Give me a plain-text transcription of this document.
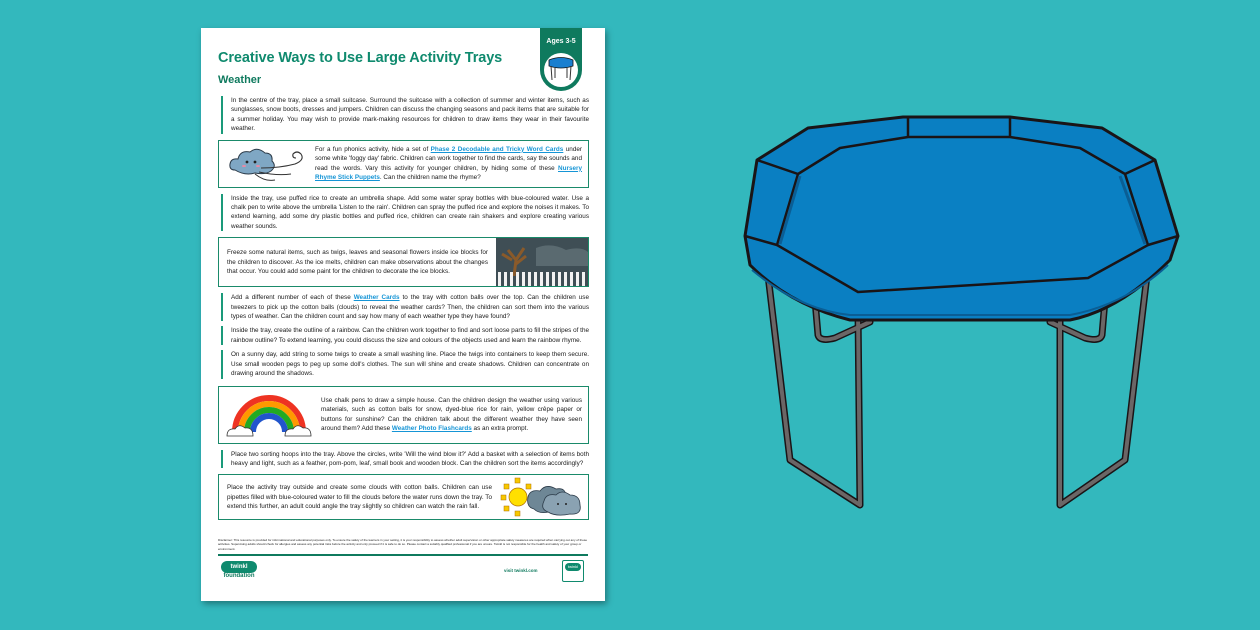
Creative Ways to Use Large Activity Trays
Weather
Ages 3-5
In the centre of the tray, place a small suitcase. Surround the suitcase with a collection of summer and winter items, such as sunglasses, snow boots, dresses and jumpers. Children can discuss the changing seasons and pack items that are suitable for a summer holiday. You may wish to provide mark-making resources for children to draw items they wear in their favourite weather.
For a fun phonics activity, hide a set of Phase 2 Decodable and Tricky Word Cards under some white 'foggy day' fabric. Children can work together to find the cards, say the sounds and read the words. Vary this activity for younger children, by hiding some of these Nursery Rhyme Stick Puppets. Can the children name the rhyme?
Inside the tray, use puffed rice to create an umbrella shape. Add some water spray bottles with blue-coloured water. Use a chalk pen to write above the umbrella 'Listen to the rain'. Children can spray the puffed rice and explore the noises it makes. To extend learning, add some dry plastic bottles and puffed rice, children can create rain shakers and explore creating various weather sounds.
Freeze some natural items, such as twigs, leaves and seasonal flowers inside ice blocks for the children to discover. As the ice melts, children can make observations about the changes that occur. You could add some paint for the children to decorate the ice blocks.
Add a different number of each of these Weather Cards to the tray with cotton balls over the top. Can the children use tweezers to pick up the cotton balls (clouds) to reveal the weather cards? Then, the children can sort them into the various types of weather. Can the children count and say how many of each weather type they have found?
Inside the tray, create the outline of a rainbow. Can the children work together to find and sort loose parts to fill the stripes of the rainbow outline? To extend learning, you could discuss the size and colours of the objects used and learn the rainbow rhyme.
On a sunny day, add string to some twigs to create a small washing line. Place the twigs into containers to keep them secure. Use small wooden pegs to peg up some doll's clothes. The sun will shine and create shadows. Children can concentrate on drawing around the shadows.
Use chalk pens to draw a simple house. Can the children design the weather using various materials, such as cotton balls for snow, dyed-blue rice for rain, yellow crêpe paper or buttons for sunshine? Can the children talk about the different weather they have seen around them? Add these Weather Photo Flashcards as an extra prompt.
Place two sorting hoops into the tray. Above the circles, write 'Will the wind blow it?' Add a basket with a selection of items both heavy and light, such as a feather, pom-pom, leaf, small book and wooden block. Can the children sort the items accordingly?
Place the activity tray outside and create some clouds with cotton balls. Children can use pipettes filled with blue-coloured water to fill the clouds before the water runs down the tray. To extend this further, an adult could angle the tray slightly so children can watch the rain fall.
Disclaimer: This resource is provided for informational and educational purposes only. To ensure the safety of the learners in your setting, it is your responsibility to assess whether adult supervision or other appropriate safety measures are required when carrying out any of these activities. Supervising adults should check for allergies and assess any potential risks before the activity and only proceed if it is safe to do so. Please contact a suitably qualified professional if you are unsure. Twinkl is not responsible for the health and safety of your group or environment.
twinkl
foundation
visit twinkl.com
twinkl
